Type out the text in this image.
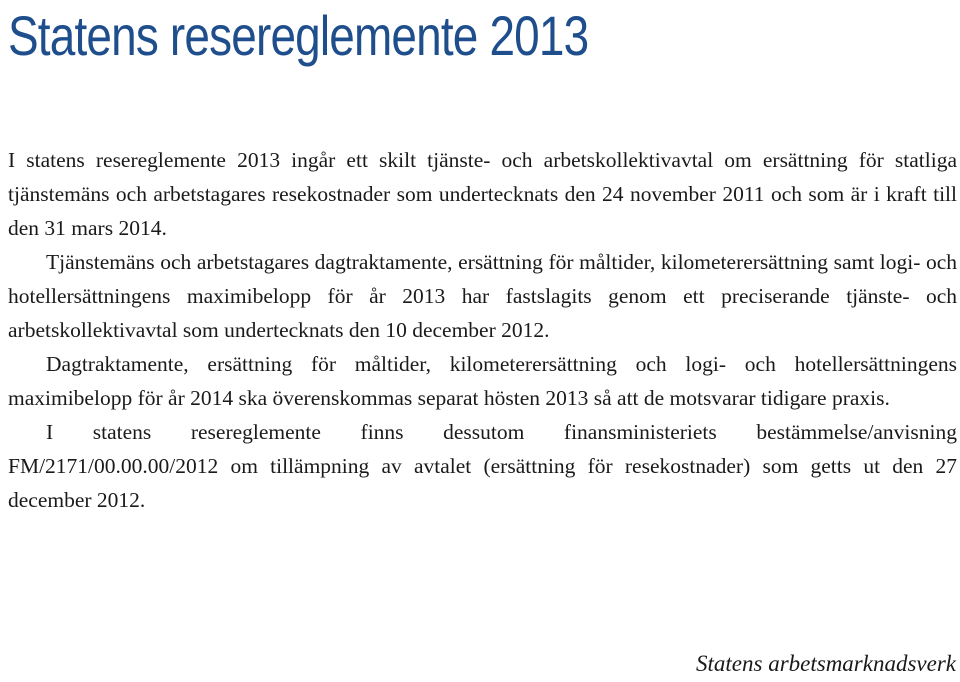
Statens resereglemente 2013

I statens resereglemente 2013 ingår ett skilt tjänste- och arbetskollektivavtal om ersättning för statliga tjänstemäns och arbetstagares resekostnader som undertecknats den 24 november 2011 och som är i kraft till den 31 mars 2014.

Tjänstemäns och arbetstagares dagtraktamente, ersättning för måltider, kilometerersättning samt logi- och hotellersättningens maximibelopp för år 2013 har fastslagits genom ett preciserande tjänste- och arbetskollektivavtal som undertecknats den 10 december 2012.

Dagtraktamente, ersättning för måltider, kilometerersättning och logi- och hotellersättningens maximibelopp för år 2014 ska överenskommas separat hösten 2013 så att de motsvarar tidigare praxis.

I statens resereglemente finns dessutom finansministeriets bestämmelse/anvisning FM/2171/00.00.00/2012 om tillämpning av avtalet (ersättning för resekostnader) som getts ut den 27 december 2012.

Statens arbetsmarknadsverk
